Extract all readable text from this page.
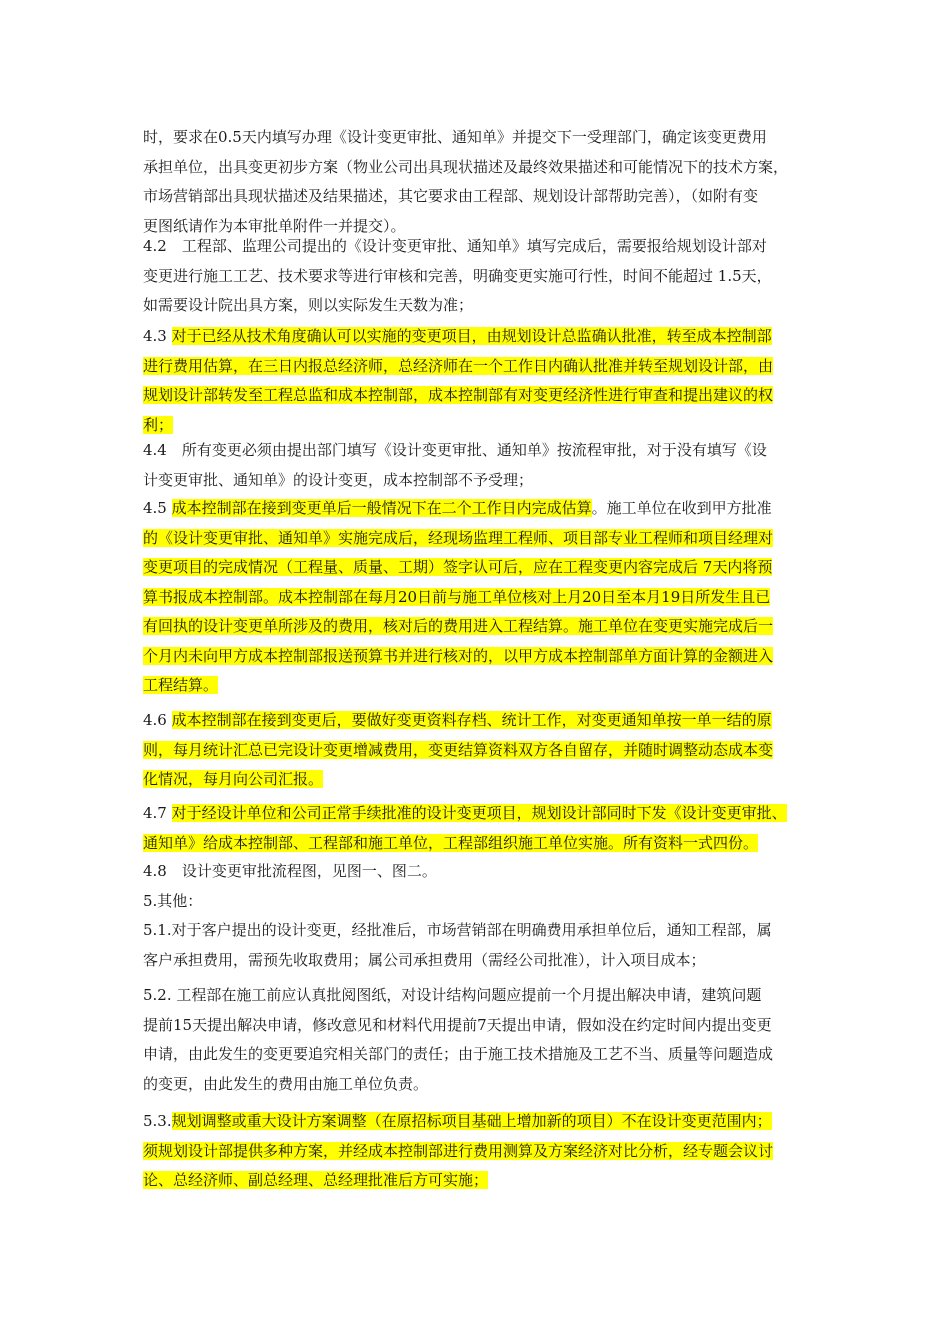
时，要求在0.5天内填写办理《设计变更审批、通知单》并提交下一受理部门，确定该变更费用
承担单位，出具变更初步方案（物业公司出具现状描述及最终效果描述和可能情况下的技术方案，
市场营销部出具现状描述及结果描述，其它要求由工程部、规划设计部帮助完善），（如附有变
更图纸请作为本审批单附件一并提交）。
4.2　工程部、监理公司提出的《设计变更审批、通知单》填写完成后，需要报给规划设计部对
变更进行施工工艺、技术要求等进行审核和完善，明确变更实施可行性，时间不能超过 1.5天，
如需要设计院出具方案，则以实际发生天数为准；
4.3 对于已经从技术角度确认可以实施的变更项目，由规划设计总监确认批准，转至成本控制部
进行费用估算，在三日内报总经济师，总经济师在一个工作日内确认批准并转至规划设计部，由
规划设计部转发至工程总监和成本控制部，成本控制部有对变更经济性进行审查和提出建议的权
利；
4.4　所有变更必须由提出部门填写《设计变更审批、通知单》按流程审批，对于没有填写《设
计变更审批、通知单》的设计变更，成本控制部不予受理；
4.5 成本控制部在接到变更单后一般情况下在二个工作日内完成估算。施工单位在收到甲方批准
的《设计变更审批、通知单》实施完成后，经现场监理工程师、项目部专业工程师和项目经理对
变更项目的完成情况（工程量、质量、工期）签字认可后，应在工程变更内容完成后 7天内将预
算书报成本控制部。成本控制部在每月20日前与施工单位核对上月20日至本月19日所发生且已
有回执的设计变更单所涉及的费用，核对后的费用进入工程结算。施工单位在变更实施完成后一
个月内未向甲方成本控制部报送预算书并进行核对的，以甲方成本控制部单方面计算的金额进入
工程结算。
4.6 成本控制部在接到变更后，要做好变更资料存档、统计工作，对变更通知单按一单一结的原
则，每月统计汇总已完设计变更增减费用，变更结算资料双方各自留存，并随时调整动态成本变
化情况，每月向公司汇报。
4.7 对于经设计单位和公司正常手续批准的设计变更项目，规划设计部同时下发《设计变更审批、
通知单》给成本控制部、工程部和施工单位，工程部组织施工单位实施。所有资料一式四份。
4.8　设计变更审批流程图，见图一、图二。
5.其他：
5.1.对于客户提出的设计变更，经批准后，市场营销部在明确费用承担单位后，通知工程部，属
客户承担费用，需预先收取费用；属公司承担费用（需经公司批准），计入项目成本；
5.2. 工程部在施工前应认真批阅图纸，对设计结构问题应提前一个月提出解决申请，建筑问题
提前15天提出解决申请，修改意见和材料代用提前7天提出申请，假如没在约定时间内提出变更
申请，由此发生的变更要追究相关部门的责任；由于施工技术措施及工艺不当、质量等问题造成
的变更，由此发生的费用由施工单位负责。
5.3.规划调整或重大设计方案调整（在原招标项目基础上增加新的项目）不在设计变更范围内；
须规划设计部提供多种方案，并经成本控制部进行费用测算及方案经济对比分析，经专题会议讨
论、总经济师、副总经理、总经理批准后方可实施；
